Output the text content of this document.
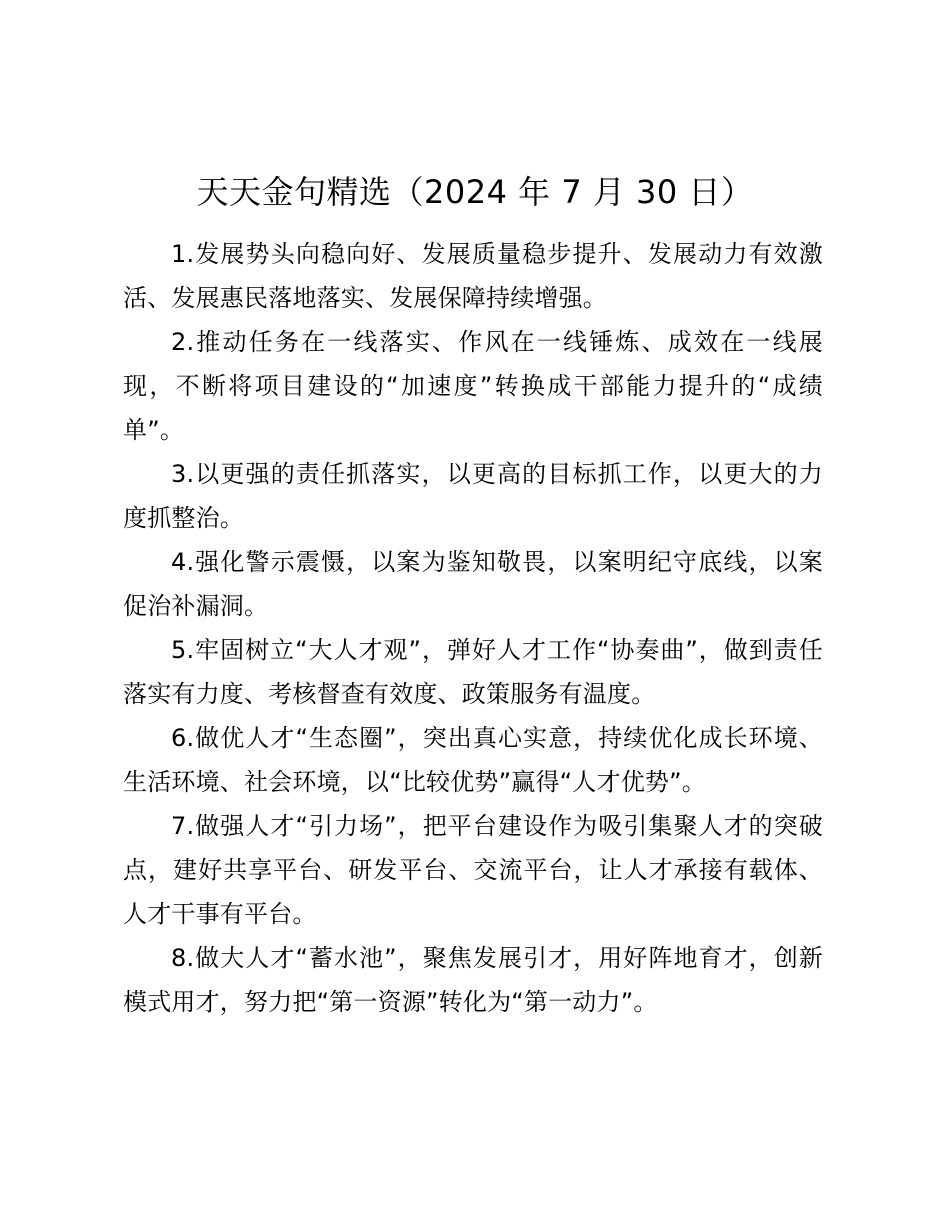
天天金句精选（2024 年 7 月 30 日）

1.发展势头向稳向好、发展质量稳步提升、发展动力有效激活、发展惠民落地落实、发展保障持续增强。

2.推动任务在一线落实、作风在一线锤炼、成效在一线展现，不断将项目建设的“加速度”转换成干部能力提升的“成绩单”。

3.以更强的责任抓落实，以更高的目标抓工作，以更大的力度抓整治。

4.强化警示震慑，以案为鉴知敬畏，以案明纪守底线，以案促治补漏洞。

5.牢固树立“大人才观”，弹好人才工作“协奏曲”，做到责任落实有力度、考核督查有效度、政策服务有温度。

6.做优人才“生态圈”，突出真心实意，持续优化成长环境、生活环境、社会环境，以“比较优势”赢得“人才优势”。

7.做强人才“引力场”，把平台建设作为吸引集聚人才的突破点，建好共享平台、研发平台、交流平台，让人才承接有载体、人才干事有平台。

8.做大人才“蓄水池”，聚焦发展引才，用好阵地育才，创新模式用才，努力把“第一资源”转化为“第一动力”。
